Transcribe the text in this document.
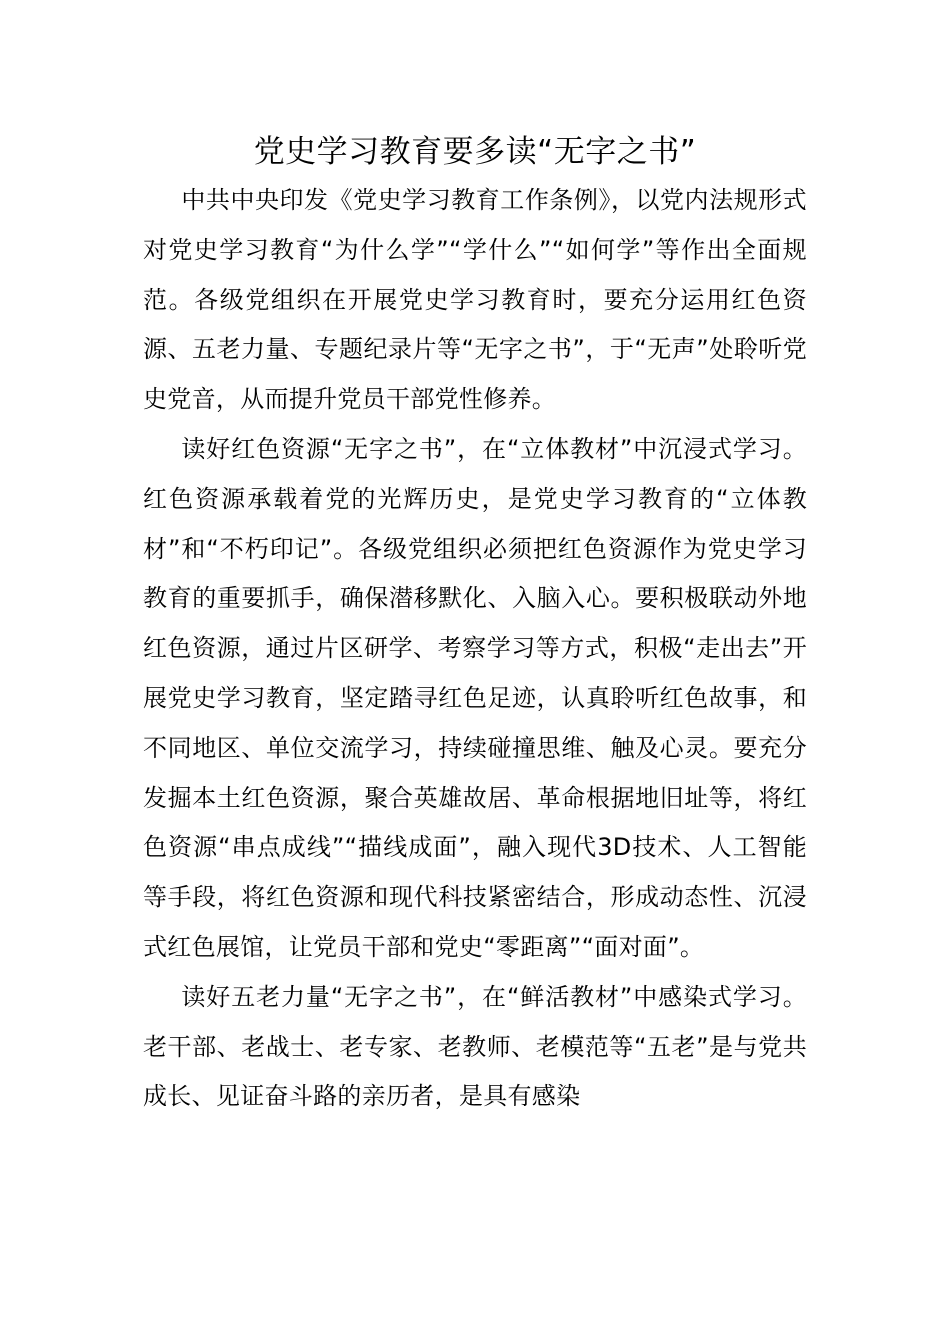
党史学习教育要多读“无字之书”

中共中央印发《党史学习教育工作条例》，以党内法规形式对党史学习教育“为什么学”“学什么”“如何学”等作出全面规范。各级党组织在开展党史学习教育时，要充分运用红色资源、五老力量、专题纪录片等“无字之书”，于“无声”处聆听党史党音，从而提升党员干部党性修养。

读好红色资源“无字之书”，在“立体教材”中沉浸式学习。红色资源承载着党的光辉历史，是党史学习教育的“立体教材”和“不朽印记”。各级党组织必须把红色资源作为党史学习教育的重要抓手，确保潜移默化、入脑入心。要积极联动外地红色资源，通过片区研学、考察学习等方式，积极“走出去”开展党史学习教育，坚定踏寻红色足迹，认真聆听红色故事，和不同地区、单位交流学习，持续碰撞思维、触及心灵。要充分发掘本土红色资源，聚合英雄故居、革命根据地旧址等，将红色资源“串点成线”“描线成面”，融入现代3D技术、人工智能等手段，将红色资源和现代科技紧密结合，形成动态性、沉浸式红色展馆，让党员干部和党史“零距离”“面对面”。

读好五老力量“无字之书”，在“鲜活教材”中感染式学习。老干部、老战士、老专家、老教师、老模范等“五老”是与党共成长、见证奋斗路的亲历者，是具有感染
